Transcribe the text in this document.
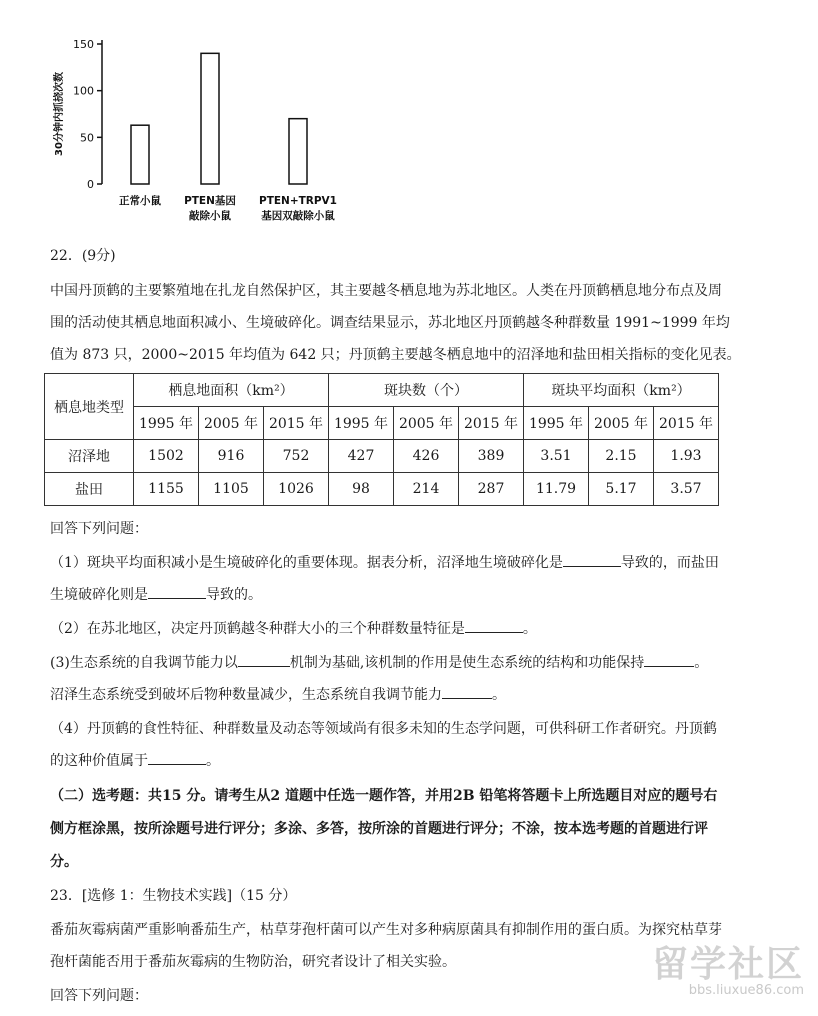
0
50
100
150
30分钟内抓挠次数
正常小鼠 PTEN基因
敲除小鼠
PTEN+TRPV1
基因双敲除小鼠

22．(9分)

中国丹顶鹤的主要繁殖地在扎龙自然保护区，其主要越冬栖息地为苏北地区。人类在丹顶鹤栖息地分布点及周

围的活动使其栖息地面积减小、生境破碎化。调查结果显示，苏北地区丹顶鹤越冬种群数量 1991~1999 年均

值为 873 只，2000~2015 年均值为 642 只；丹顶鹤主要越冬栖息地中的沼泽地和盐田相关指标的变化见表。

栖息地类型	栖息地面积（km²）			斑块数（个）			斑块平均面积（km²）		
	1995 年	2005 年	2015 年	1995 年	2005 年	2015 年	1995 年	2005 年	2015 年
沼泽地	1502	916	752	427	426	389	3.51	2.15	1.93
盐田	1155	1105	1026	98	214	287	11.79	5.17	3.57

回答下列问题：

（1）斑块平均面积减小是生境破碎化的重要体现。据表分析，沼泽地生境破碎化是	导致的，而盐田

生境破碎化则是	导致的。

（2）在苏北地区，决定丹顶鹤越冬种群大小的三个种群数量特征是	。

(3)生态系统的自我调节能力以	机制为基础,该机制的作用是使生态系统的结构和功能保持	。

沼泽生态系统受到破坏后物种数量减少，生态系统自我调节能力	。

（4）丹顶鹤的食性特征、种群数量及动态等领域尚有很多未知的生态学问题，可供科研工作者研究。丹顶鹤

的这种价值属于	。

（二）选考题：共15 分。请考生从2 道题中任选一题作答，并用2B 铅笔将答题卡上所选题目对应的题号右

侧方框涂黑，按所涂题号进行评分；多涂、多答，按所涂的首题进行评分；不涂，按本选考题的首题进行评

分。

23．[选修 1：生物技术实践]（15 分）

番茄灰霉病菌严重影响番茄生产，枯草芽孢杆菌可以产生对多种病原菌具有抑制作用的蛋白质。为探究枯草芽

孢杆菌能否用于番茄灰霉病的生物防治，研究者设计了相关实验。

回答下列问题：

留学社区
bbs.liuxue86.com
